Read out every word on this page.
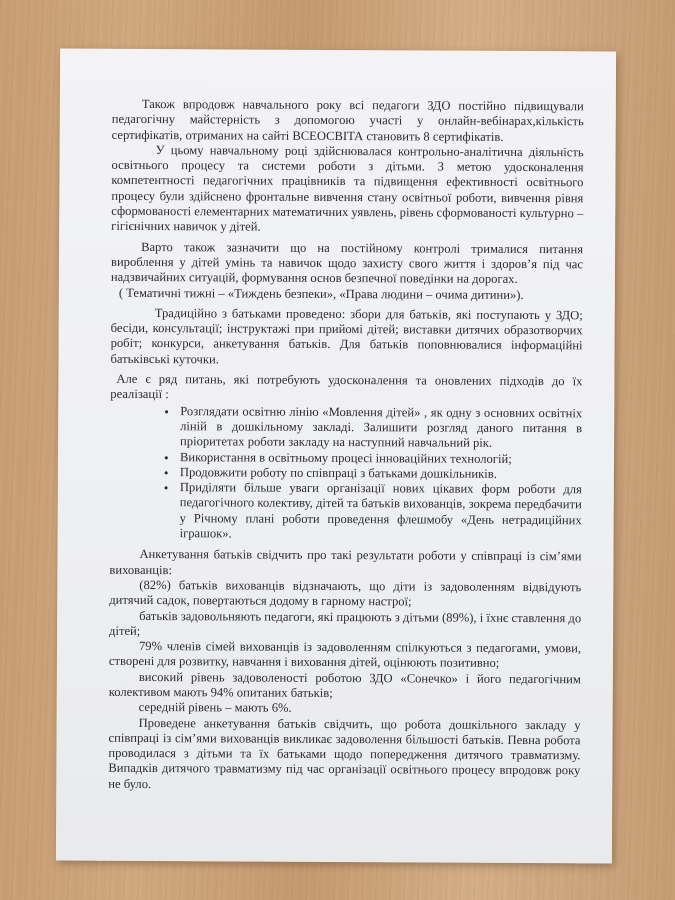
Також впродовж навчального року всі педагоги ЗДО постійно підвищували педагогічну майстерність з допомогою участі у онлайн-вебінарах,кількість сертифікатів, отриманих на сайті ВСЕОСВІТА становить 8 сертифікатів.

У цьому навчальному році здійснювалася контрольно-аналітична діяльність освітнього процесу та системи роботи з дітьми. З метою удосконалення компетентності педагогічних працівників та підвищення ефективності освітнього процесу були здійснено фронтальне вивчення стану освітньої роботи, вивчення рівня сформованості елементарних математичних уявлень, рівень сформованості культурно –гігієнічних навичок у дітей.

Варто також зазначити що на постійному контролі трималися питання вироблення у дітей умінь та навичок щодо захисту свого життя і здоров’я під час надзвичайних ситуацій, формування основ безпечної поведінки на дорогах.

( Тематичні тижні – «Тиждень безпеки», «Права людини – очима дитини»).

Традиційно з батьками проведено: збори для батьків, які поступають у ЗДО; бесіди, консультації; інструктажі при прийомі дітей; виставки дитячих образотворчих робіт; конкурси, анкетування батьків. Для батьків поповнювалися інформаційні батьківські куточки.

Але є ряд питань, які потребують удосконалення та оновлених підходів до їх реалізації :

• Розглядати освітню лінію «Мовлення дітей» , як одну з основних освітніх ліній в дошкільному закладі. Залишити розгляд даного питання в пріоритетах роботи закладу на наступний навчальний рік.
• Використання в освітньому процесі інноваційних технологій;
• Продовжити роботу по співпраці з батьками дошкільників.
• Приділяти більше уваги організації нових цікавих форм роботи для педагогічного колективу, дітей та батьків вихованців, зокрема передбачити у Річному плані роботи проведення флешмобу «День нетрадиційних іграшок».

Анкетування батьків свідчить про такі результати роботи у співпраці із сім’ями вихованців:

(82%) батьків вихованців відзначають, що діти із задоволенням відвідують дитячий садок, повертаються додому в гарному настрої;

батьків задовольняють педагоги, які працюють з дітьми (89%), і їхнє ставлення до дітей;

79% членів сімей вихованців із задоволенням спілкуються з педагогами, умови, створені для розвитку, навчання і виховання дітей, оцінюють позитивно;

високий рівень задоволеності роботою ЗДО «Сонечко» і його педагогічним колективом мають 94% опитаних батьків;

середній рівень – мають 6%.

Проведене анкетування батьків свідчить, що робота дошкільного закладу у співпраці із сім’ями вихованців викликає задоволення більшості батьків. Певна робота проводилася з дітьми та їх батьками щодо попередження дитячого травматизму. Випадків дитячого травматизму під час організації освітнього процесу впродовж року не було.
